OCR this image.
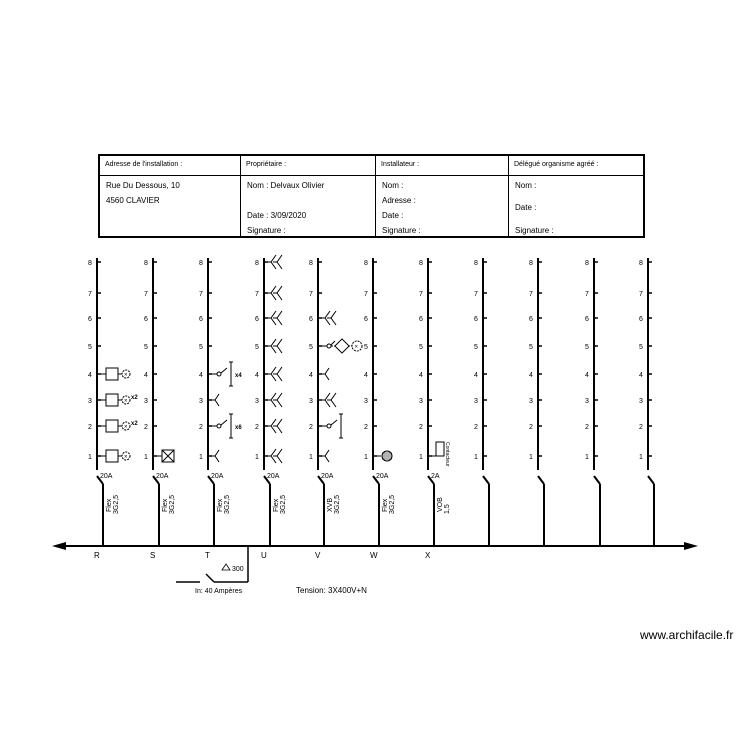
Adresse de l'installation :
Rue Du Dessous, 10
4560 CLAVIER
Propriétaire :
Nom : Delvaux Olivier
Date : 3/09/2020
Signature :
Installateur :
Nom :
Adresse :
Date :
Signature :
Délégué organisme agréé :
Nom :
Date :
Signature :
1
2
3
4
5
6
7
8
20A
Flex 3G2,5
×
×
x2
×
x2
×
R
1
2
3
4
5
6
7
8
20A
Flex 3G2,5
S
1
2
3
4
5
6
7
8
20A
Flex 3G2,5
x6
x4
T
1
2
3
4
5
6
7
8
20A
Flex 3G2,5
U
1
2
3
4
5
6
7
8
20A
XVB 3G2,5
×
V
1
2
3
4
5
6
7
8
20A
Flex 3G2,5
W
1
2
3
4
5
6
7
8
2A
VOB 1,5
Contacteur
X
1
2
3
4
5
6
7
8
1
2
3
4
5
6
7
8
1
2
3
4
5
6
7
8
1
2
3
4
5
6
7
8
300
In: 40 Ampères	Tension: 3X400V+N
www.archifacile.fr
